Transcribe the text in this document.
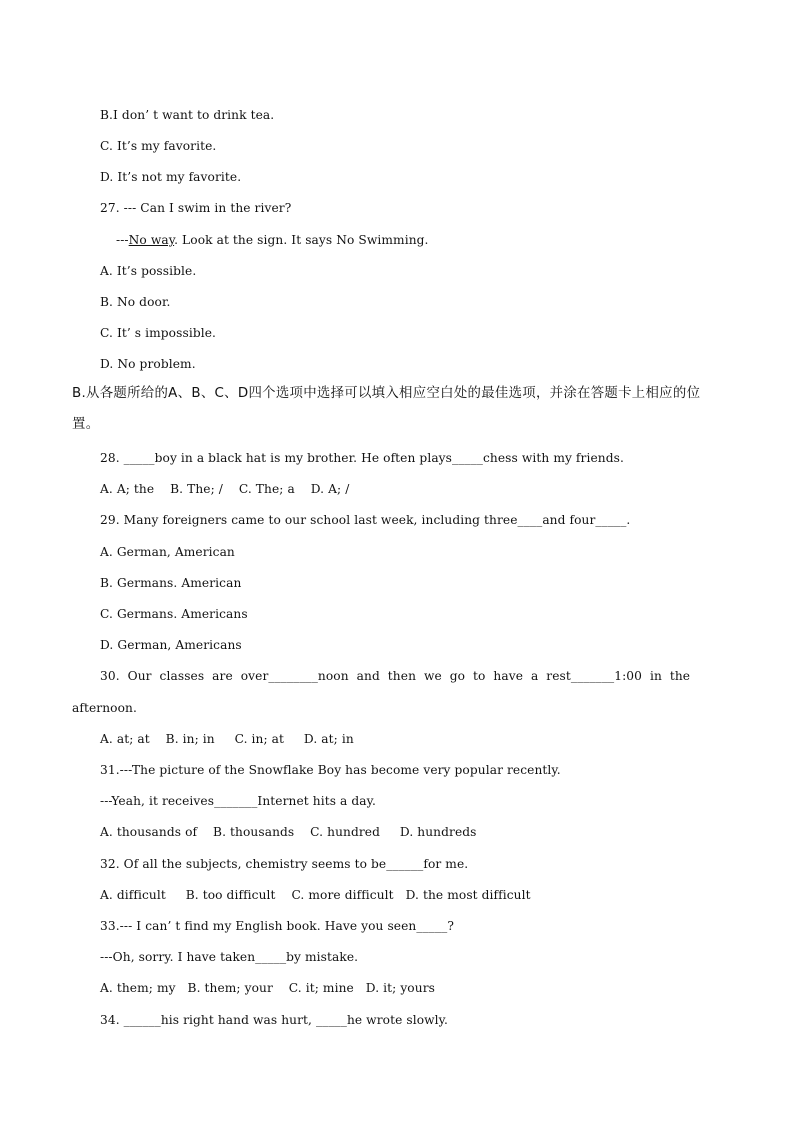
B.I don’ t want to drink tea.
C. It’s my favorite.
D. It’s not my favorite.
27. --- Can I swim in the river?
---No way. Look at the sign. It says No Swimming.
A. It’s possible.
B. No door.
C. It’ s impossible.
D. No problem.
B.从各题所给的A、B、C、D四个选项中选择可以填入相应空白处的最佳选项，并涂在答题卡上相应的位
置。
28. _____boy in a black hat is my brother. He often plays_____chess with my friends.
A. A; the    B. The; /    C. The; a    D. A; /
29. Many foreigners came to our school last week, including three____and four_____.
A. German, American
B. Germans. American
C. Germans. Americans
D. German, Americans
30.  Our  classes  are  over________noon  and  then  we  go  to  have  a  rest_______1:00  in  the
afternoon.
A. at; at    B. in; in     C. in; at     D. at; in
31.---The picture of the Snowflake Boy has become very popular recently.
---Yeah, it receives_______Internet hits a day.
A. thousands of    B. thousands    C. hundred     D. hundreds
32. Of all the subjects, chemistry seems to be______for me.
A. difficult     B. too difficult    C. more difficult   D. the most difficult
33.--- I can’ t find my English book. Have you seen_____?
---Oh, sorry. I have taken_____by mistake.
A. them; my   B. them; your    C. it; mine   D. it; yours
34. ______his right hand was hurt, _____he wrote slowly.
